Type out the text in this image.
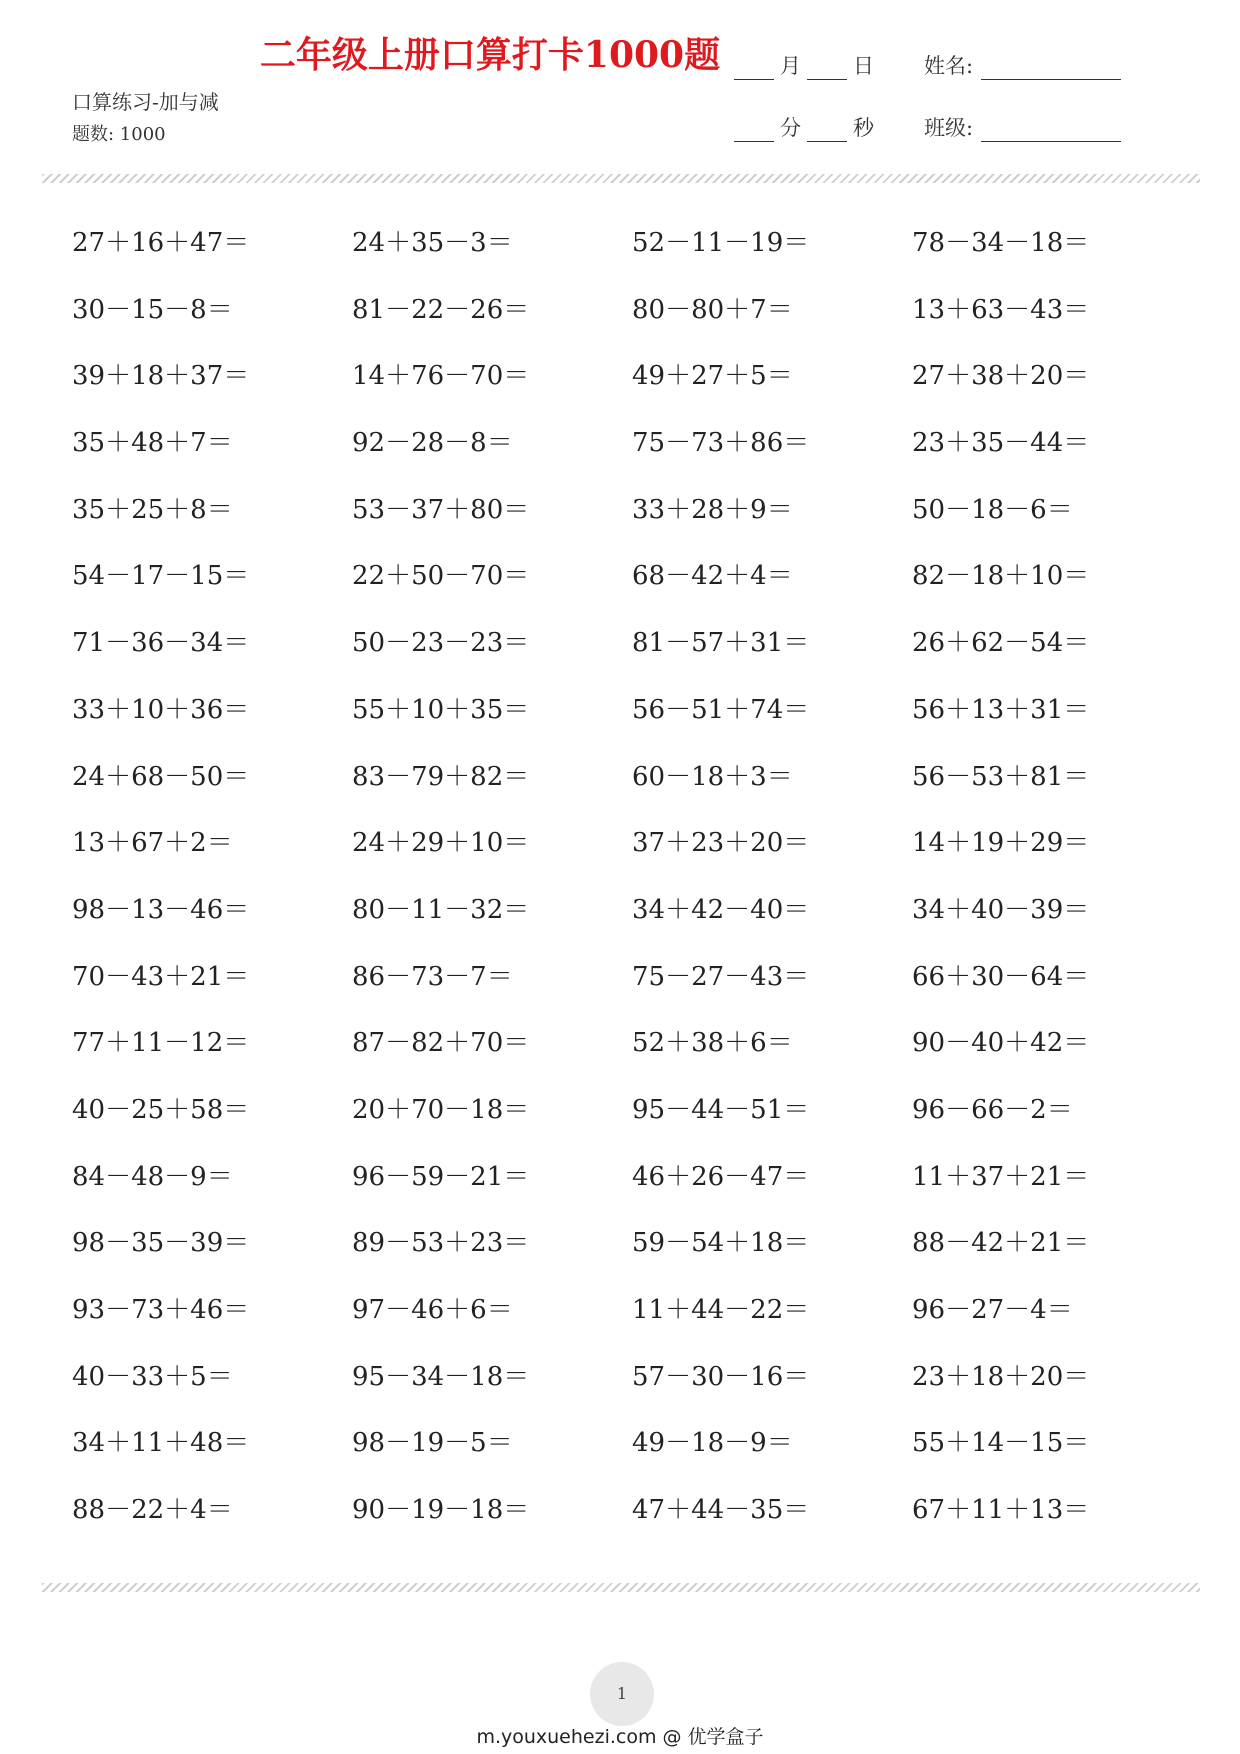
二年级上册口算打卡1000题
口算练习-加与减
题数: 1000
月 日
分 秒
姓名:
班级:
27＋16＋47＝	24＋35－3＝	52－11－19＝	78－34－18＝
30－15－8＝	81－22－26＝	80－80＋7＝	13＋63－43＝
39＋18＋37＝	14＋76－70＝	49＋27＋5＝	27＋38＋20＝
35＋48＋7＝	92－28－8＝	75－73＋86＝	23＋35－44＝
35＋25＋8＝	53－37＋80＝	33＋28＋9＝	50－18－6＝
54－17－15＝	22＋50－70＝	68－42＋4＝	82－18＋10＝
71－36－34＝	50－23－23＝	81－57＋31＝	26＋62－54＝
33＋10＋36＝	55＋10＋35＝	56－51＋74＝	56＋13＋31＝
24＋68－50＝	83－79＋82＝	60－18＋3＝	56－53＋81＝
13＋67＋2＝	24＋29＋10＝	37＋23＋20＝	14＋19＋29＝
98－13－46＝	80－11－32＝	34＋42－40＝	34＋40－39＝
70－43＋21＝	86－73－7＝	75－27－43＝	66＋30－64＝
77＋11－12＝	87－82＋70＝	52＋38＋6＝	90－40＋42＝
40－25＋58＝	20＋70－18＝	95－44－51＝	96－66－2＝
84－48－9＝	96－59－21＝	46＋26－47＝	11＋37＋21＝
98－35－39＝	89－53＋23＝	59－54＋18＝	88－42＋21＝
93－73＋46＝	97－46＋6＝	11＋44－22＝	96－27－4＝
40－33＋5＝	95－34－18＝	57－30－16＝	23＋18＋20＝
34＋11＋48＝	98－19－5＝	49－18－9＝	55＋14－15＝
88－22＋4＝	90－19－18＝	47＋44－35＝	67＋11＋13＝
1
m.youxuehezi.com @ 优学盒子
